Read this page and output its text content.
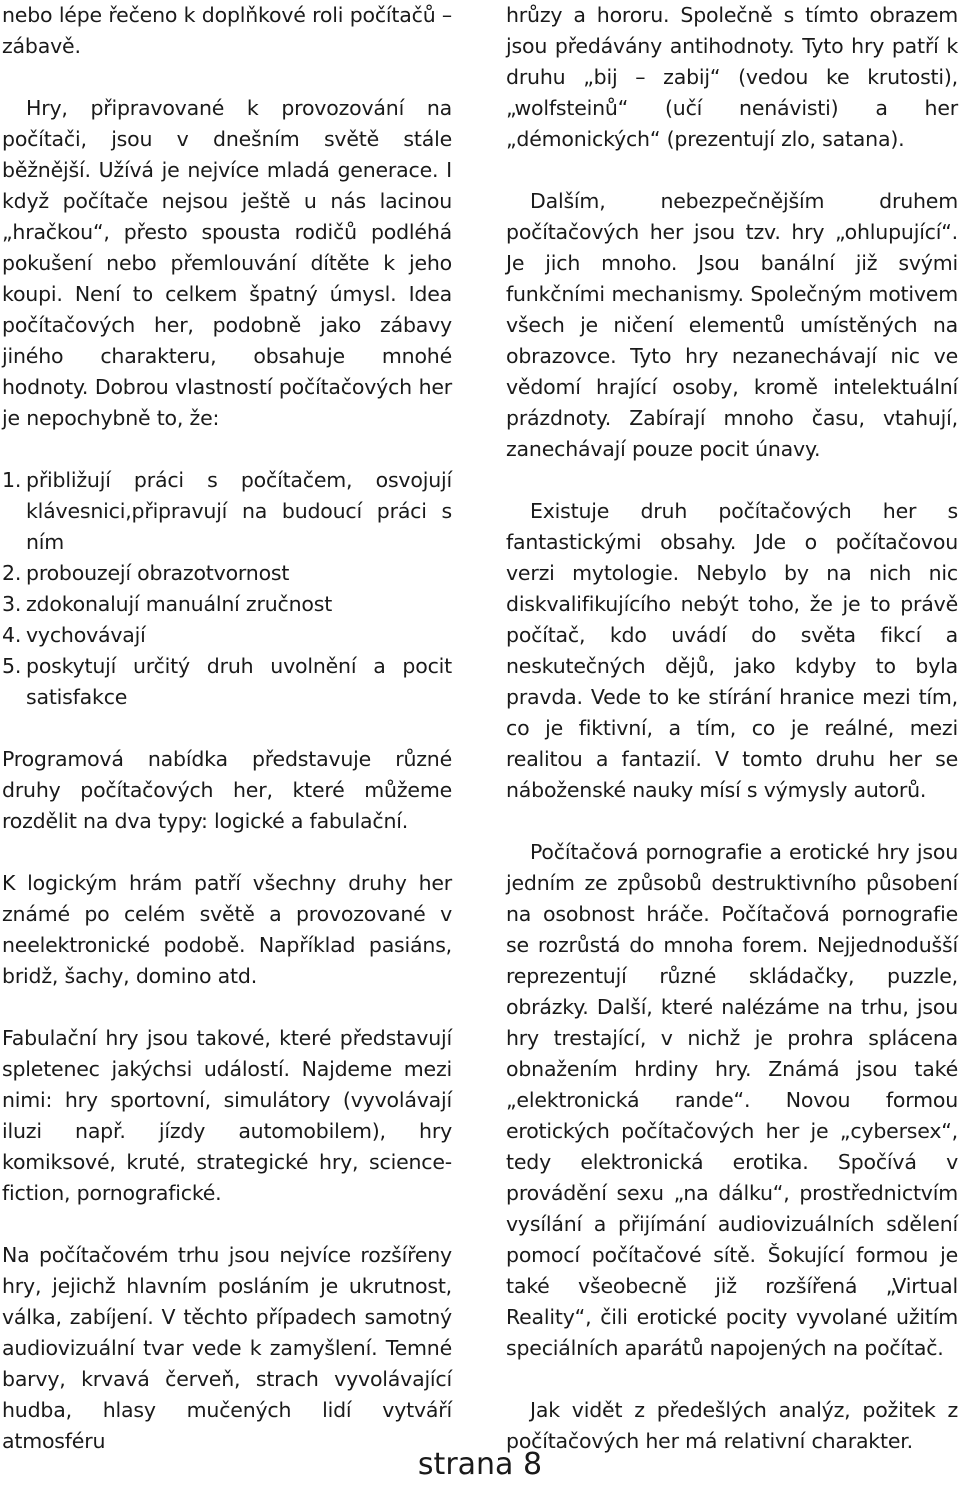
nebo lépe řečeno k doplňkové roli počítačů – zábavě.

Hry, připravované k provozování na počítači, jsou v dnešním světě stále běžnější. Užívá je nejvíce mladá generace. I když počítače nejsou ještě u nás lacinou „hračkou“, přesto spousta rodičů podléhá pokušení nebo přemlouvání dítěte k jeho koupi. Není to celkem špatný úmysl. Idea počítačových her, podobně jako zábavy jiného charakteru, obsahuje mnohé hodnoty. Dobrou vlastností počítačových her je nepochybně to, že:

1. přibližují práci s počítačem, osvojují klávesnici,připravují na budoucí práci s ním
2. probouzejí obrazotvornost
3. zdokonalují manuální zručnost
4. vychovávají
5. poskytují určitý druh uvolnění a pocit satisfakce

Programová nabídka představuje různé druhy počítačových her, které můžeme rozdělit na dva typy: logické a fabulační.

K logickým hrám patří všechny druhy her známé po celém světě a provozované v neelektronické podobě. Například pasiáns, bridž, šachy, domino atd.

Fabulační hry jsou takové, které představují spletenec jakýchsi událostí. Najdeme mezi nimi: hry sportovní, simulátory (vyvolávají iluzi např. jízdy automobilem), hry komiksové, kruté, strategické hry, science-fiction, pornografické.

Na počítačovém trhu jsou nejvíce rozšířeny hry, jejichž hlavním posláním je ukrutnost, válka, zabíjení. V těchto případech samotný audiovizuální tvar vede k zamyšlení. Temné barvy, krvavá červeň, strach vyvolávající hudba, hlasy mučených lidí vytváří atmosféru

hrůzy a hororu. Společně s tímto obrazem jsou předávány antihodnoty. Tyto hry patří k druhu „bij – zabij“ (vedou ke krutosti), „wolfsteinů“ (učí nenávisti) a her „démonických“ (prezentují zlo, satana).

Dalším, nebezpečnějším druhem počítačových her jsou tzv. hry „ohlupující“. Je jich mnoho. Jsou banální již svými funkčními mechanismy. Společným motivem všech je ničení elementů umístěných na obrazovce. Tyto hry nezanechávají nic ve vědomí hrající osoby, kromě intelektuální prázdnoty. Zabírají mnoho času, vtahují, zanechávají pouze pocit únavy.

Existuje druh počítačových her s fantastickými obsahy. Jde o počítačovou verzi mytologie. Nebylo by na nich nic diskvalifikujícího nebýt toho, že je to právě počítač, kdo uvádí do světa fikcí a neskutečných dějů, jako kdyby to byla pravda. Vede to ke stírání hranice mezi tím, co je fiktivní, a tím, co je reálné, mezi realitou a fantazií. V tomto druhu her se náboženské nauky mísí s výmysly autorů.

Počítačová pornografie a erotické hry jsou jedním ze způsobů destruktivního působení na osobnost hráče. Počítačová pornografie se rozrůstá do mnoha forem. Nejjednodušší reprezentují různé skládačky, puzzle, obrázky. Další, které nalézáme na trhu, jsou hry trestající, v nichž je prohra splácena obnažením hrdiny hry. Známá jsou také „elektronická rande“. Novou formou erotických počítačových her je „cybersex“, tedy elektronická erotika. Spočívá v provádění sexu „na dálku“, prostřednictvím vysílání a přijímání audiovizuálních sdělení pomocí počítačové sítě. Šokující formou je také všeobecně již rozšířená „Virtual Reality“, čili erotické pocity vyvolané užitím speciálních aparátů napojených na počítač.

Jak vidět z předešlých analýz, požitek z počítačových her má relativní charakter.

strana 8
